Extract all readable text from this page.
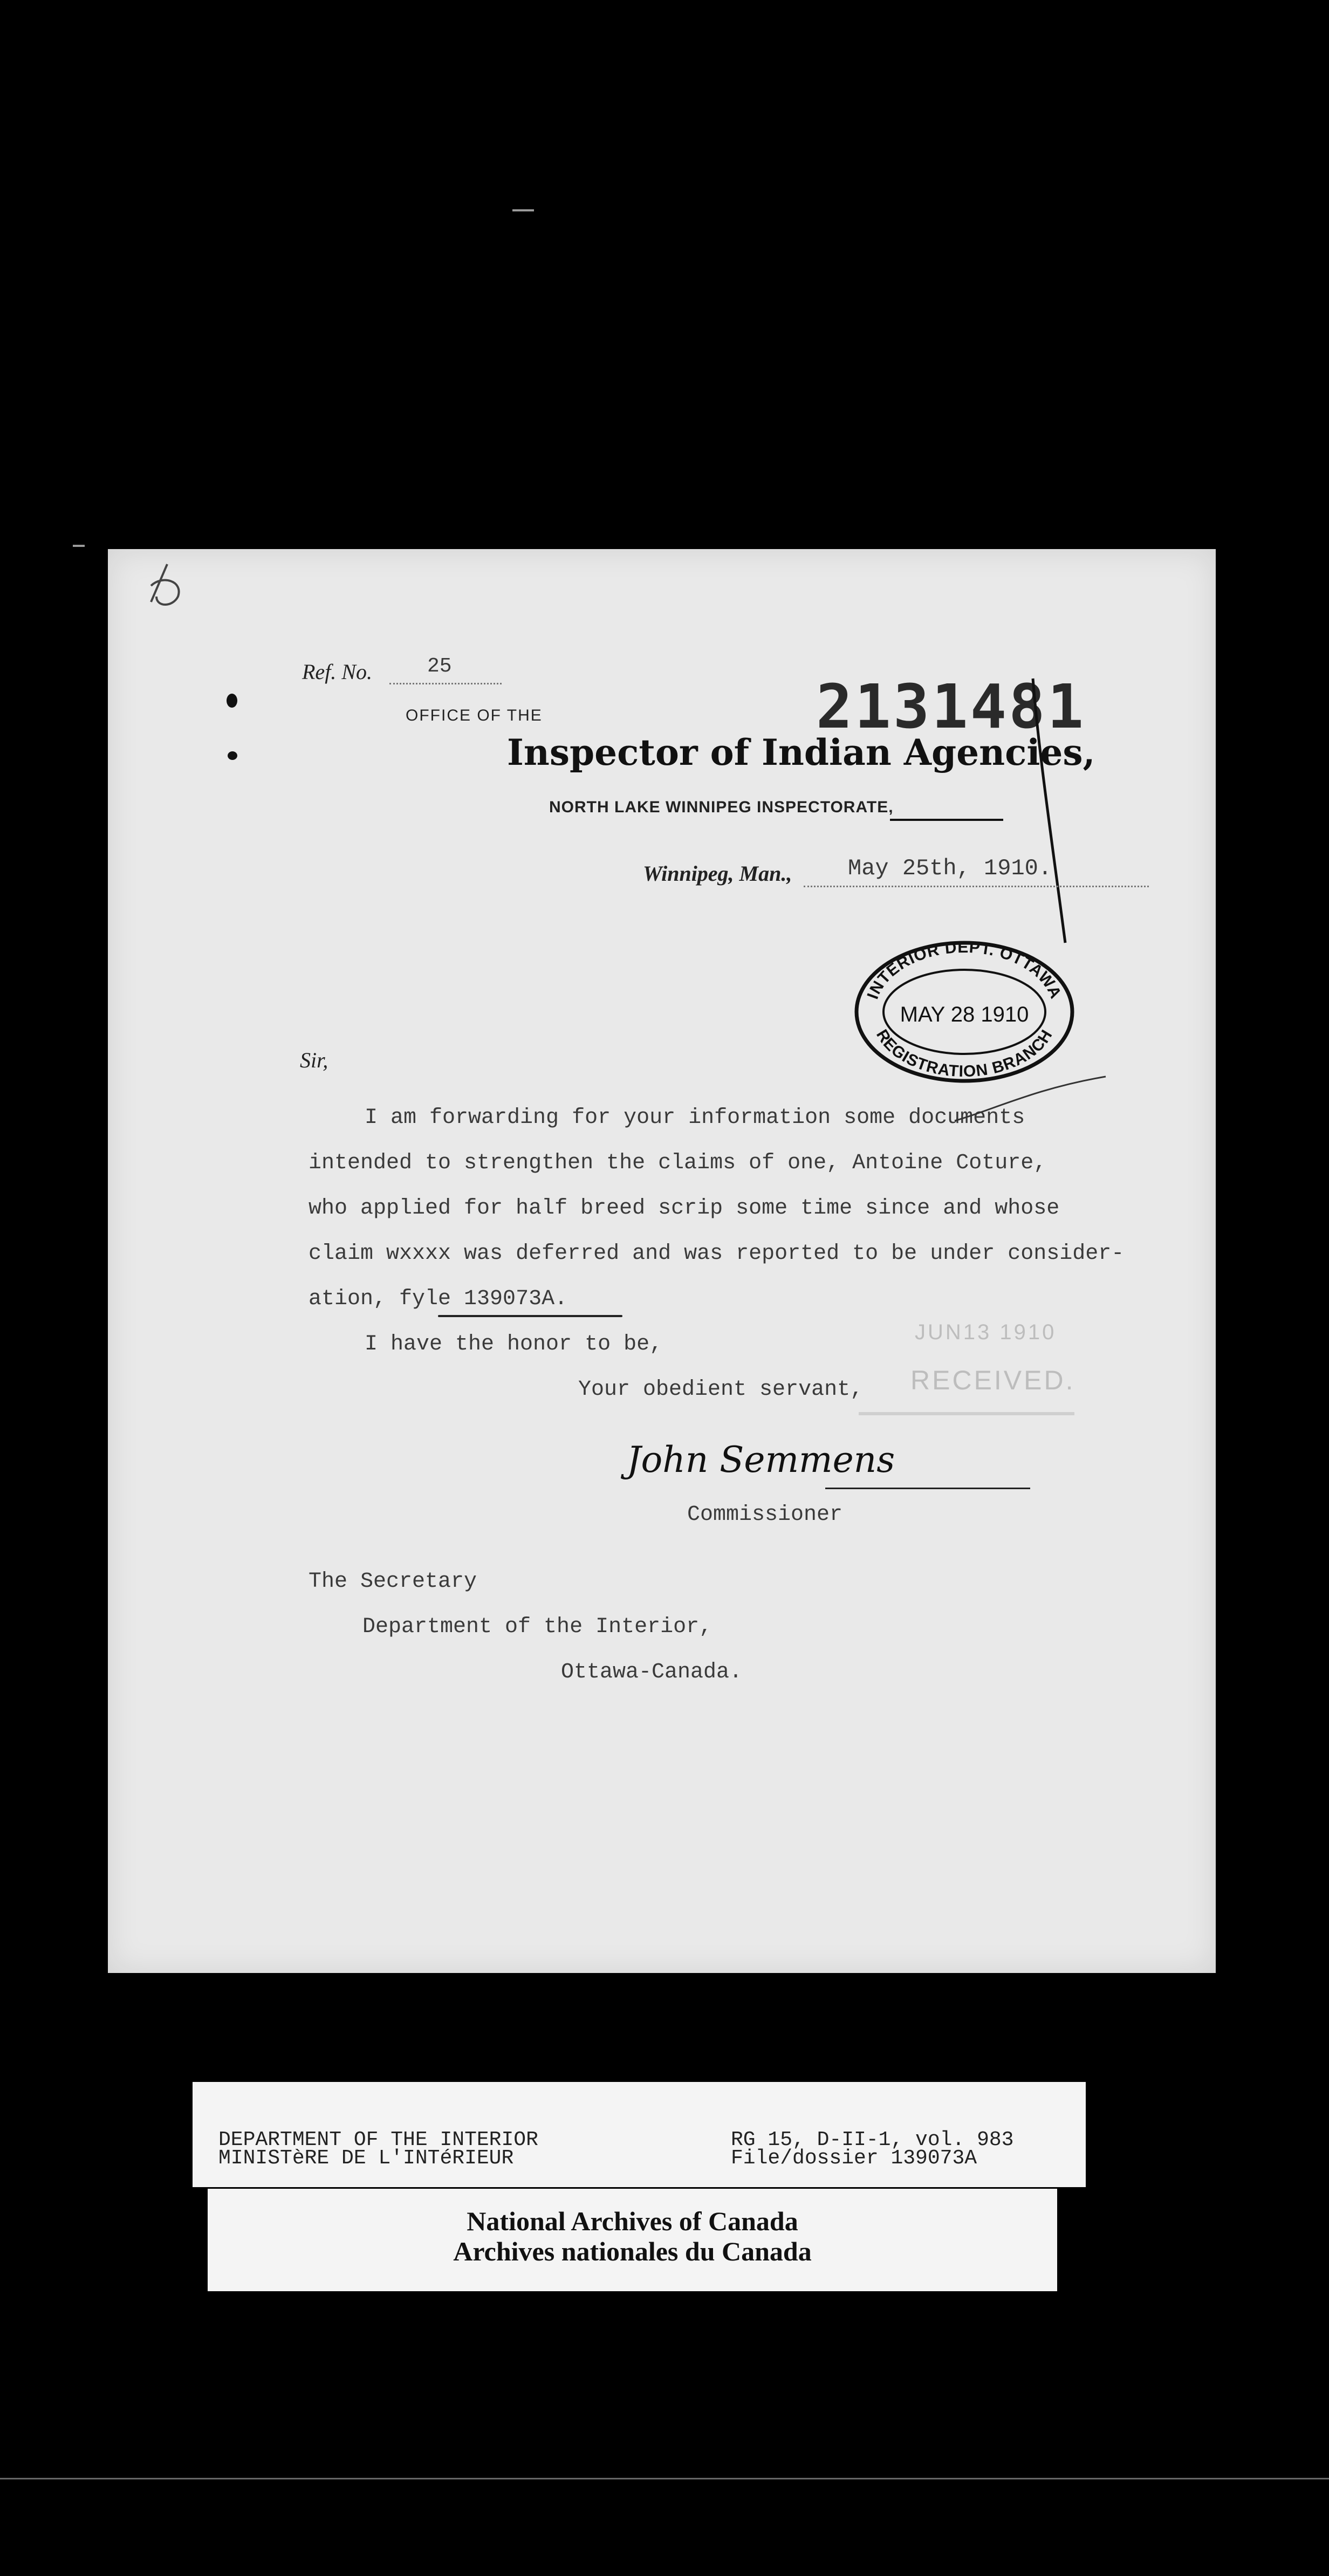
Ref. No.	25
OFFICE OF THE	2131481
Inspector of Indian Agencies,
NORTH LAKE WINNIPEG INSPECTORATE,
Winnipeg, Man., May 25th, 1910.
INTERIOR DEPT. OTTAWA
REGISTRATION BRANCH
MAY 28 1910
Sir,
I am forwarding for your information some documents
intended to strengthen the claims of one, Antoine Coture,
who applied for half breed scrip some time since and whose
claim wxxxx was deferred and was reported to be under consider-
ation, fyle 139073A.
I have the honor to be,	JUN13 1910
RECEIVED.
Your obedient servant,
John Semmens
Commissioner
The Secretary
Department of the Interior,
Ottawa-Canada.
DEPARTMENT OF THE INTERIOR
MINISTèRE DE L'INTéRIEUR
RG 15, D-II-1, vol. 983
File/dossier 139073A
National Archives of Canada
Archives nationales du Canada
